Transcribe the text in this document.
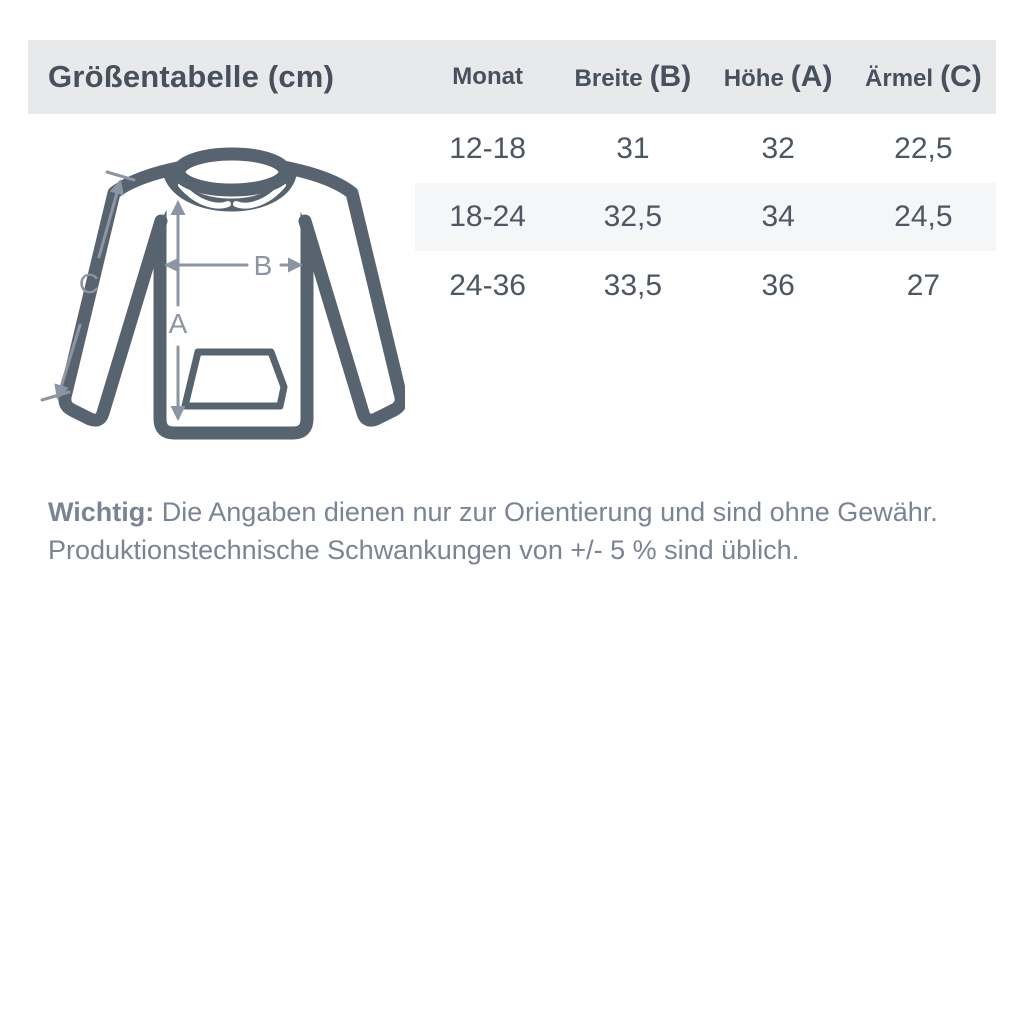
Größentabelle (cm)	Monat	Breite (B)	Höhe (A)	Ärmel (C)
12-18	31	32	22,5
18-24	32,5	34	24,5
24-36	33,5	36	27
A
B
C

Wichtig: Die Angaben dienen nur zur Orientierung und sind ohne Gewähr.
Produktionstechnische Schwankungen von +/- 5 % sind üblich.
